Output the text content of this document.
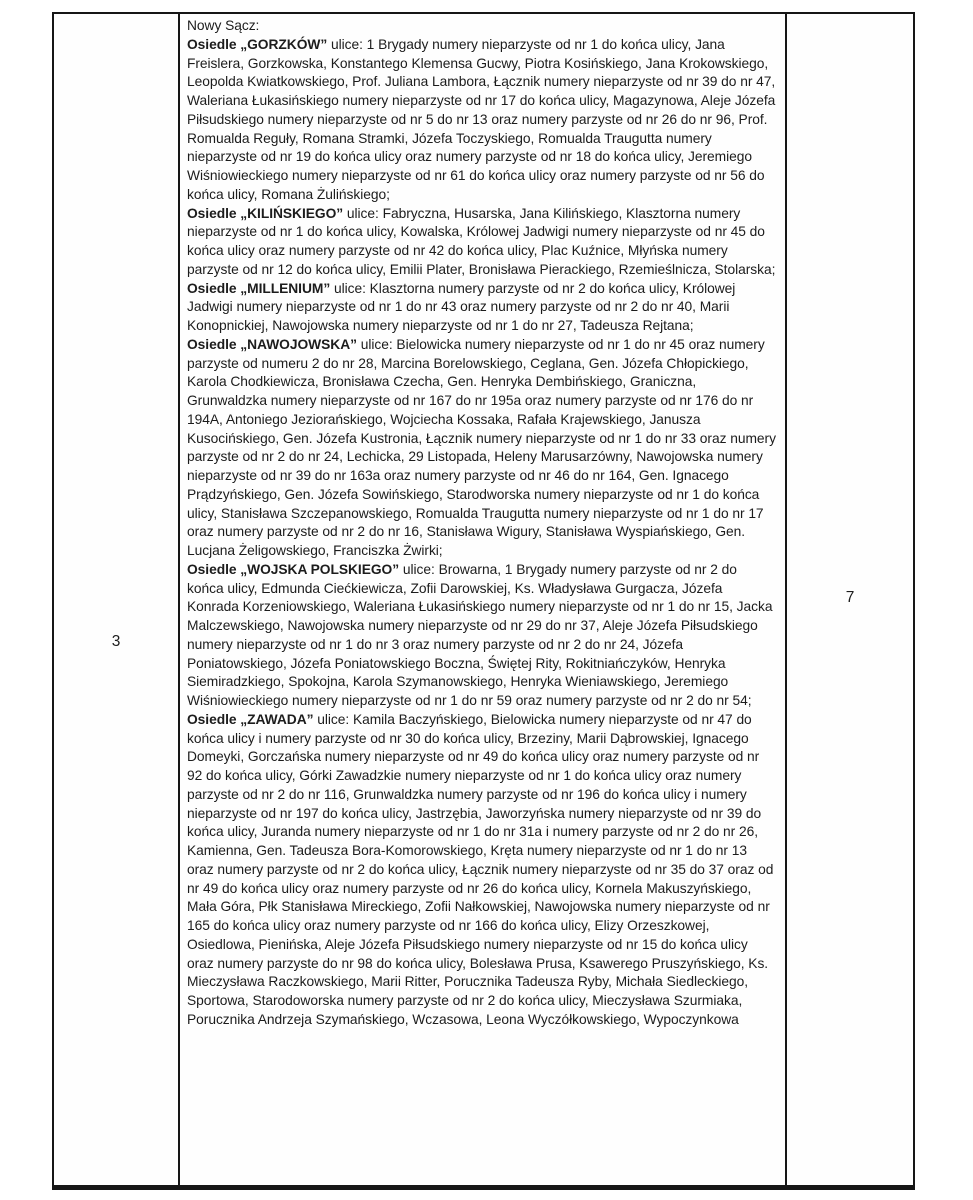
3
Nowy Sącz:

Osiedle „GORZKÓW” ulice: 1 Brygady numery nieparzyste od nr 1 do końca ulicy, Jana Freislera, Gorzkowska, Konstantego Klemensa Gucwy, Piotra Kosińskiego, Jana Krokowskiego, Leopolda Kwiatkowskiego, Prof. Juliana Lambora, Łącznik numery nieparzyste od nr 39 do nr 47, Waleriana Łukasińskiego numery nieparzyste od nr 17 do końca ulicy, Magazynowa, Aleje Józefa Piłsudskiego numery nieparzyste od nr 5 do nr 13 oraz numery parzyste od nr 26 do nr 96, Prof. Romualda Reguły, Romana Stramki, Józefa Toczyskiego, Romualda Traugutta numery nieparzyste od nr 19 do końca ulicy oraz numery parzyste od nr 18 do końca ulicy, Jeremiego Wiśniowieckiego numery nieparzyste od nr 61 do końca ulicy oraz numery parzyste od nr 56 do końca ulicy, Romana Żulińskiego;

Osiedle „KILIŃSKIEGO” ulice: Fabryczna, Husarska, Jana Kilińskiego, Klasztorna numery nieparzyste od nr 1 do końca ulicy, Kowalska, Królowej Jadwigi numery nieparzyste od nr 45 do końca ulicy oraz numery parzyste od nr 42 do końca ulicy, Plac Kuźnice, Młyńska numery parzyste od nr 12 do końca ulicy, Emilii Plater, Bronisława Pierackiego, Rzemieślnicza, Stolarska;

Osiedle „MILLENIUM” ulice: Klasztorna numery parzyste od nr 2 do końca ulicy, Królowej Jadwigi numery nieparzyste od nr 1 do nr 43 oraz numery parzyste od nr 2 do nr 40, Marii Konopnickiej, Nawojowska numery nieparzyste od nr 1 do nr 27, Tadeusza Rejtana;

Osiedle „NAWOJOWSKA” ulice: Bielowicka numery nieparzyste od nr 1 do nr 45 oraz numery parzyste od numeru 2 do nr 28, Marcina Borelowskiego, Ceglana, Gen. Józefa Chłopickiego, Karola Chodkiewicza, Bronisława Czecha, Gen. Henryka Dembińskiego, Graniczna, Grunwaldzka numery nieparzyste od nr 167 do nr 195a oraz numery parzyste od nr 176 do nr 194A, Antoniego Jeziorańskiego, Wojciecha Kossaka, Rafała Krajewskiego, Janusza Kusocińskiego, Gen. Józefa Kustronia, Łącznik numery nieparzyste od nr 1 do nr 33 oraz numery parzyste od nr 2 do nr 24, Lechicka, 29 Listopada, Heleny Marusarzówny, Nawojowska numery nieparzyste od nr 39 do nr 163a oraz numery parzyste od nr 46 do nr 164, Gen. Ignacego Prądzyńskiego, Gen. Józefa Sowińskiego, Starodworska numery nieparzyste od nr 1 do końca ulicy, Stanisława Szczepanowskiego, Romualda Traugutta numery nieparzyste od nr 1 do nr 17 oraz numery parzyste od nr 2 do nr 16, Stanisława Wigury, Stanisława Wyspiańskiego, Gen. Lucjana Żeligowskiego, Franciszka Żwirki;

Osiedle „WOJSKA POLSKIEGO” ulice: Browarna, 1 Brygady numery parzyste od nr 2 do końca ulicy, Edmunda Ciećkiewicza, Zofii Darowskiej, Ks. Władysława Gurgacza, Józefa Konrada Korzeniowskiego, Waleriana Łukasińskiego numery nieparzyste od nr 1 do nr 15, Jacka Malczewskiego, Nawojowska numery nieparzyste od nr 29 do nr 37, Aleje Józefa Piłsudskiego numery nieparzyste od nr 1 do nr 3 oraz numery parzyste od nr 2 do nr 24, Józefa Poniatowskiego, Józefa Poniatowskiego Boczna, Świętej Rity, Rokitniańczyków, Henryka Siemiradzkiego, Spokojna, Karola Szymanowskiego, Henryka Wieniawskiego, Jeremiego Wiśniowieckiego numery nieparzyste od nr 1 do nr 59 oraz numery parzyste od nr 2 do nr 54;

Osiedle „ZAWADA” ulice: Kamila Baczyńskiego, Bielowicka numery nieparzyste od nr 47 do końca ulicy i numery parzyste od nr 30 do końca ulicy, Brzeziny, Marii Dąbrowskiej, Ignacego Domeyki, Gorczańska numery nieparzyste od nr 49 do końca ulicy oraz numery parzyste od nr 92 do końca ulicy, Górki Zawadzkie numery nieparzyste od nr 1 do końca ulicy oraz numery parzyste od nr 2 do nr 116, Grunwaldzka numery parzyste od nr 196 do końca ulicy i numery nieparzyste od nr 197 do końca ulicy, Jastrzębia, Jaworzyńska numery nieparzyste od nr 39 do końca ulicy, Juranda numery nieparzyste od nr 1 do nr 31a i numery parzyste od nr 2 do nr 26, Kamienna, Gen. Tadeusza Bora-Komorowskiego, Kręta numery nieparzyste od nr 1 do nr 13 oraz numery parzyste od nr 2 do końca ulicy, Łącznik numery nieparzyste od nr 35 do 37 oraz od nr 49 do końca ulicy oraz numery parzyste od nr 26 do końca ulicy, Kornela Makuszyńskiego, Mała Góra, Płk Stanisława Mireckiego, Zofii Nałkowskiej, Nawojowska numery nieparzyste od nr 165 do końca ulicy oraz numery parzyste od nr 166 do końca ulicy, Elizy Orzeszkowej, Osiedlowa, Pienińska, Aleje Józefa Piłsudskiego numery nieparzyste od nr 15 do końca ulicy oraz numery parzyste do nr 98 do końca ulicy, Bolesława Prusa, Ksawerego Pruszyńskiego, Ks. Mieczysława Raczkowskiego, Marii Ritter, Porucznika Tadeusza Ryby, Michała Siedleckiego, Sportowa, Starodoworska numery parzyste od nr 2 do końca ulicy, Mieczysława Szurmiaka, Porucznika Andrzeja Szymańskiego, Wczasowa, Leona Wyczółkowskiego, Wypoczynkowa

7
